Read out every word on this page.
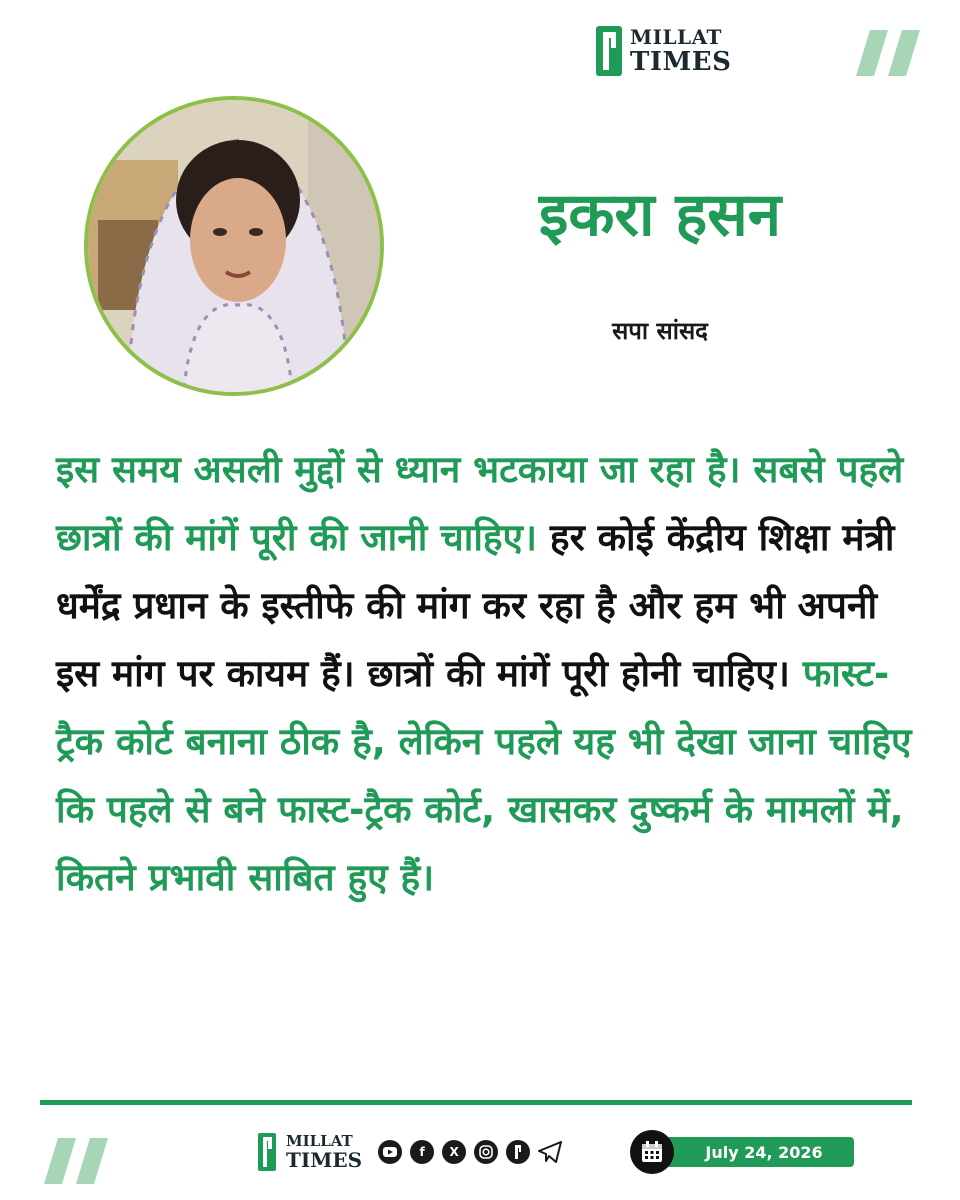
MILLAT
TIMES
इकरा हसन
सपा सांसद
इस समय असली मुद्दों से ध्यान भटकाया जा रहा है। सबसे पहले छात्रों की मांगें पूरी की जानी चाहिए। हर कोई केंद्रीय शिक्षा मंत्री धर्मेंद्र प्रधान के इस्तीफे की मांग कर रहा है और हम भी अपनी इस मांग पर कायम हैं। छात्रों की मांगें पूरी होनी चाहिए। फास्ट-ट्रैक कोर्ट बनाना ठीक है, लेकिन पहले यह भी देखा जाना चाहिए कि पहले से बने फास्ट-ट्रैक कोर्ट, खासकर दुष्कर्म के मामलों में, कितने प्रभावी साबित हुए हैं।
MILLAT
TIMES	f	X	July 24, 2026
